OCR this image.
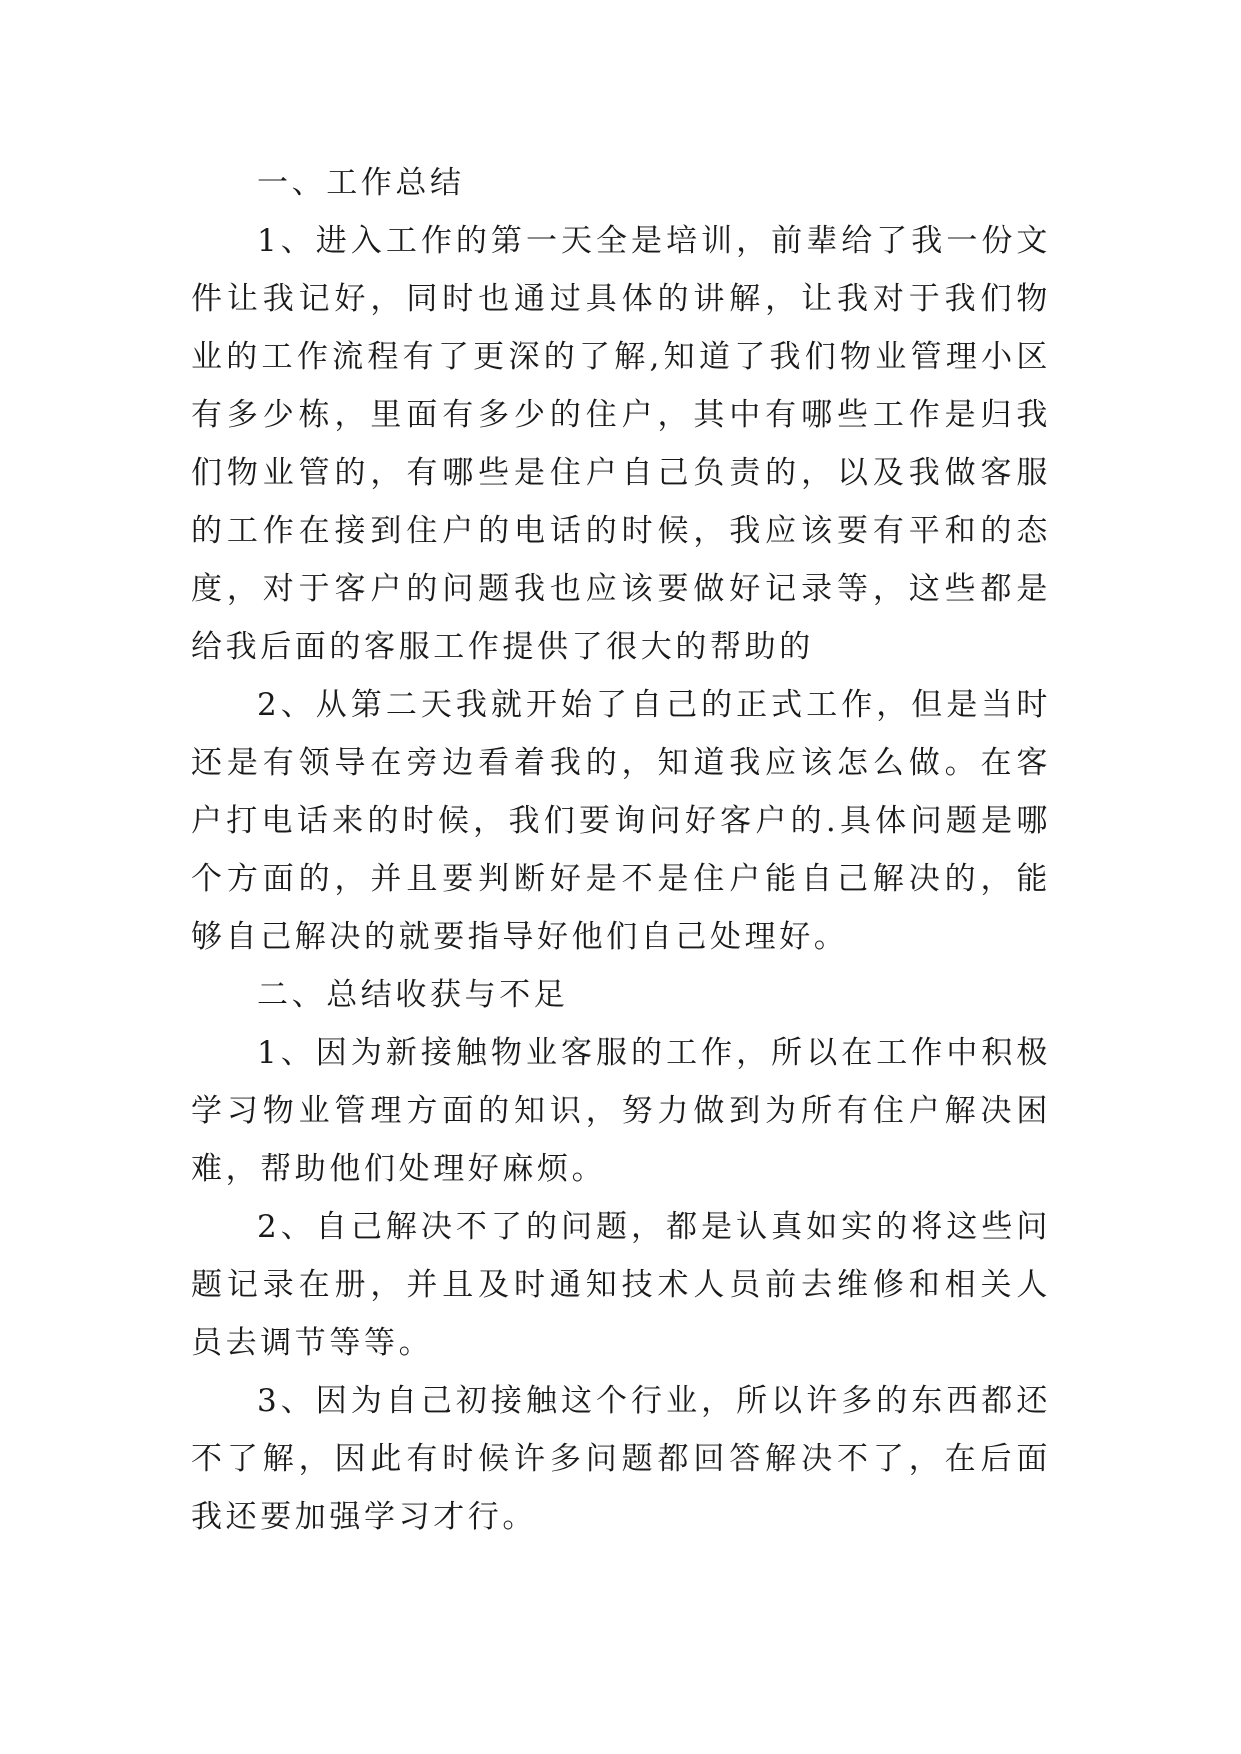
一、工作总结

1、进入工作的第一天全是培训，前辈给了我一份文件让我记好，同时也通过具体的讲解，让我对于我们物业的工作流程有了更深的了解,知道了我们物业管理小区有多少栋，里面有多少的住户，其中有哪些工作是归我们物业管的，有哪些是住户自己负责的，以及我做客服的工作在接到住户的电话的时候，我应该要有平和的态度，对于客户的问题我也应该要做好记录等，这些都是给我后面的客服工作提供了很大的帮助的

2、从第二天我就开始了自己的正式工作，但是当时还是有领导在旁边看着我的，知道我应该怎么做。在客户打电话来的时候，我们要询问好客户的.具体问题是哪个方面的，并且要判断好是不是住户能自己解决的，能够自己解决的就要指导好他们自己处理好。

二、总结收获与不足

1、因为新接触物业客服的工作，所以在工作中积极学习物业管理方面的知识，努力做到为所有住户解决困难，帮助他们处理好麻烦。

2、自己解决不了的问题，都是认真如实的将这些问题记录在册，并且及时通知技术人员前去维修和相关人员去调节等等。

3、因为自己初接触这个行业，所以许多的东西都还不了解，因此有时候许多问题都回答解决不了，在后面我还要加强学习才行。
